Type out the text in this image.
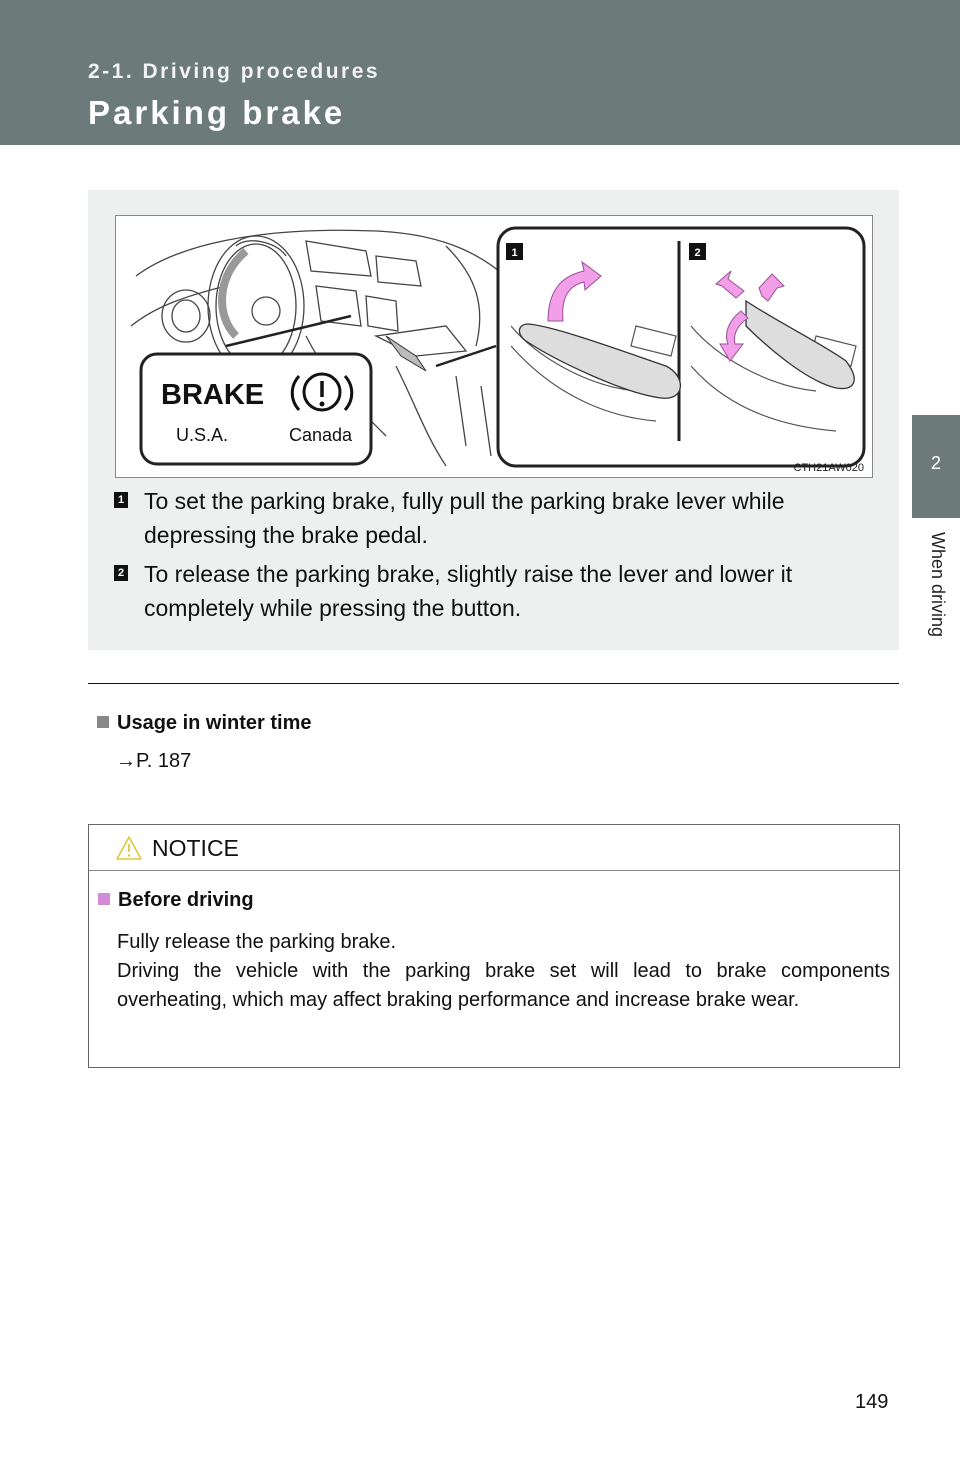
2-1. Driving procedures
Parking brake
2
When driving
BRAKE
U.S.A.	Canada
1	2
CTH21AW020
1 To set the parking brake, fully pull the parking brake lever while depressing the brake pedal.
2 To release the parking brake, slightly raise the lever and lower it completely while pressing the button.
Usage in winter time
→P. 187
NOTICE
Before driving

Fully release the parking brake.

Driving the vehicle with the parking brake set will lead to brake components overheating, which may affect braking performance and increase brake wear.

149
